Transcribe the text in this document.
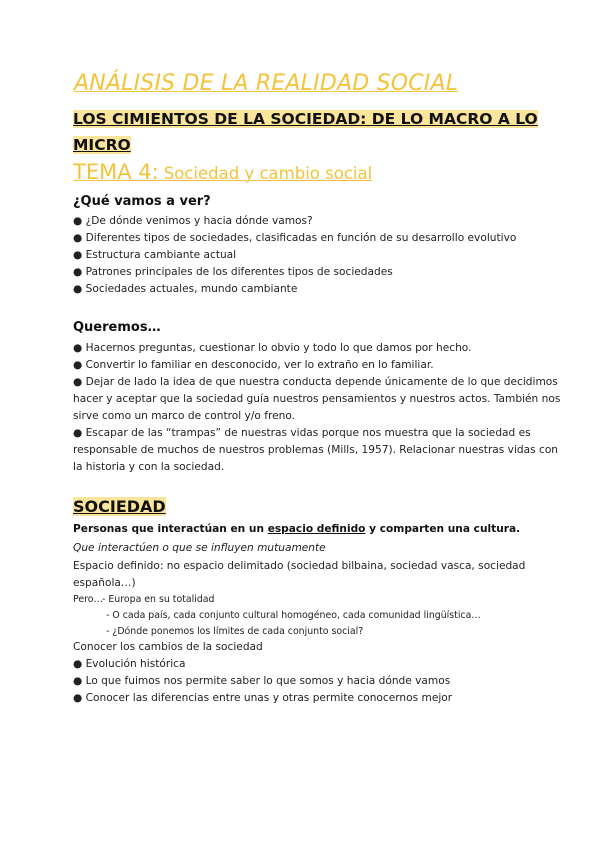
ANÁLISIS DE LA REALIDAD SOCIAL
LOS CIMIENTOS DE LA SOCIEDAD: DE LO MACRO A LO
MICRO
TEMA 4: Sociedad y cambio social
¿Qué vamos a ver?
● ¿De dónde venimos y hacia dónde vamos?
● Diferentes tipos de sociedades, clasificadas en función de su desarrollo evolutivo
● Estructura cambiante actual
● Patrones principales de los diferentes tipos de sociedades
● Sociedades actuales, mundo cambiante
Queremos…
● Hacernos preguntas, cuestionar lo obvio y todo lo que damos por hecho.
● Convertir lo familiar en desconocido, ver lo extraño en lo familiar.
● Dejar de lado la idea de que nuestra conducta depende únicamente de lo que decidimos
hacer y aceptar que la sociedad guía nuestros pensamientos y nuestros actos. También nos
sirve como un marco de control y/o freno.
● Escapar de las “trampas” de nuestras vidas porque nos muestra que la sociedad es
responsable de muchos de nuestros problemas (Mills, 1957). Relacionar nuestras vidas con
la historia y con la sociedad.
SOCIEDAD
Personas que interactúan en un espacio definido y comparten una cultura.
Que interactúen o que se influyen mutuamente
Espacio definido: no espacio delimitado (sociedad bilbaina, sociedad vasca, sociedad
española…)
Pero… - Europa en su totalidad
- O cada país, cada conjunto cultural homogéneo, cada comunidad lingüística…
- ¿Dónde ponemos los límites de cada conjunto social?
Conocer los cambios de la sociedad
● Evolución histórica
● Lo que fuimos nos permite saber lo que somos y hacia dónde vamos
● Conocer las diferencias entre unas y otras permite conocernos mejor
